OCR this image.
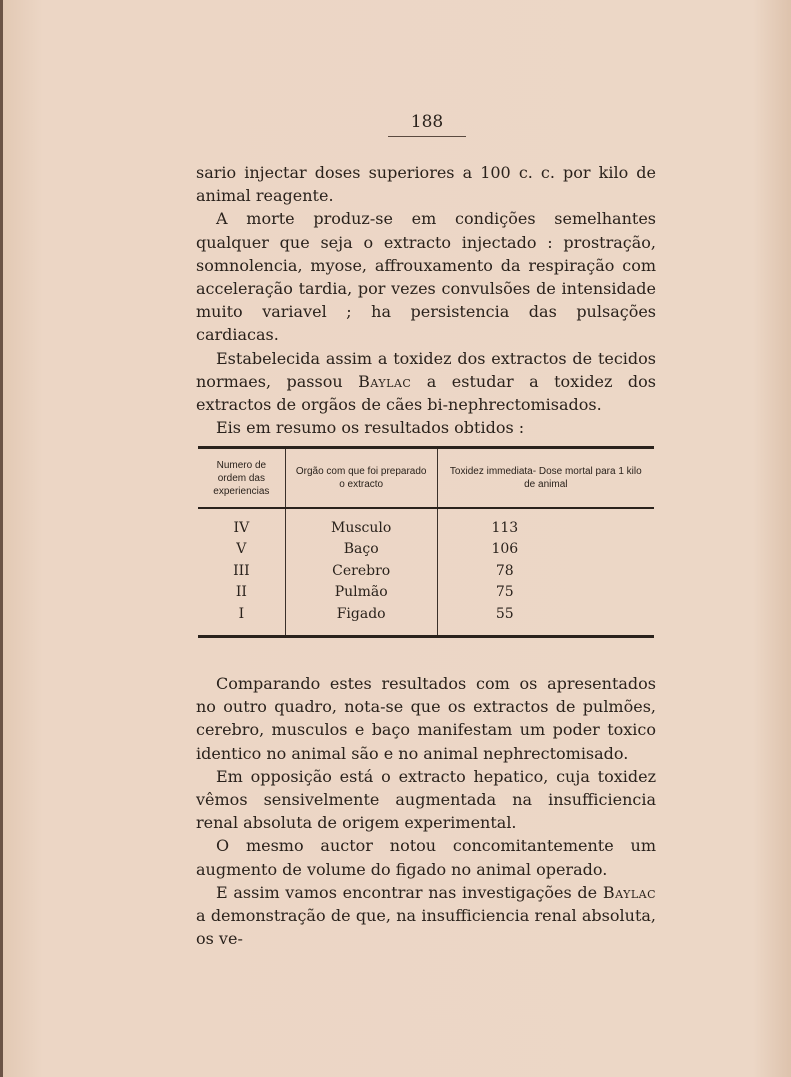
188

sario injectar doses superiores a 100 c. c. por kilo de animal reagente.

A morte produz-se em condições semelhantes qualquer que seja o extracto injectado : prostração, somnolencia, myose, affrouxamento da respiração com acceleração tardia, por vezes convulsões de intensidade muito variavel ; ha persistencia das pulsações cardiacas.

Estabelecida assim a toxidez dos extractos de tecidos normaes, passou Baylac a estudar a toxidez dos extractos de orgãos de cães bi-nephrectomisados.

Eis em resumo os resultados obtidos :

Numero de ordem das experiencias	Orgão com que foi preparado o extracto	Toxidez immediata- Dose mortal para 1 kilo de animal
IV	Musculo	113
V	Baço	106
III	Cerebro	78
II	Pulmão	75
I	Figado	55

Comparando estes resultados com os apresentados no outro quadro, nota-se que os extractos de pulmões, cerebro, musculos e baço manifestam um poder toxico identico no animal são e no animal nephrectomisado.

Em opposição está o extracto hepatico, cuja toxidez vêmos sensivelmente augmentada na insufficiencia renal absoluta de origem experimental.

O mesmo auctor notou concomitantemente um augmento de volume do figado no animal operado.

E assim vamos encontrar nas investigações de Baylac a demonstração de que, na insufficiencia renal absoluta, os ve-
